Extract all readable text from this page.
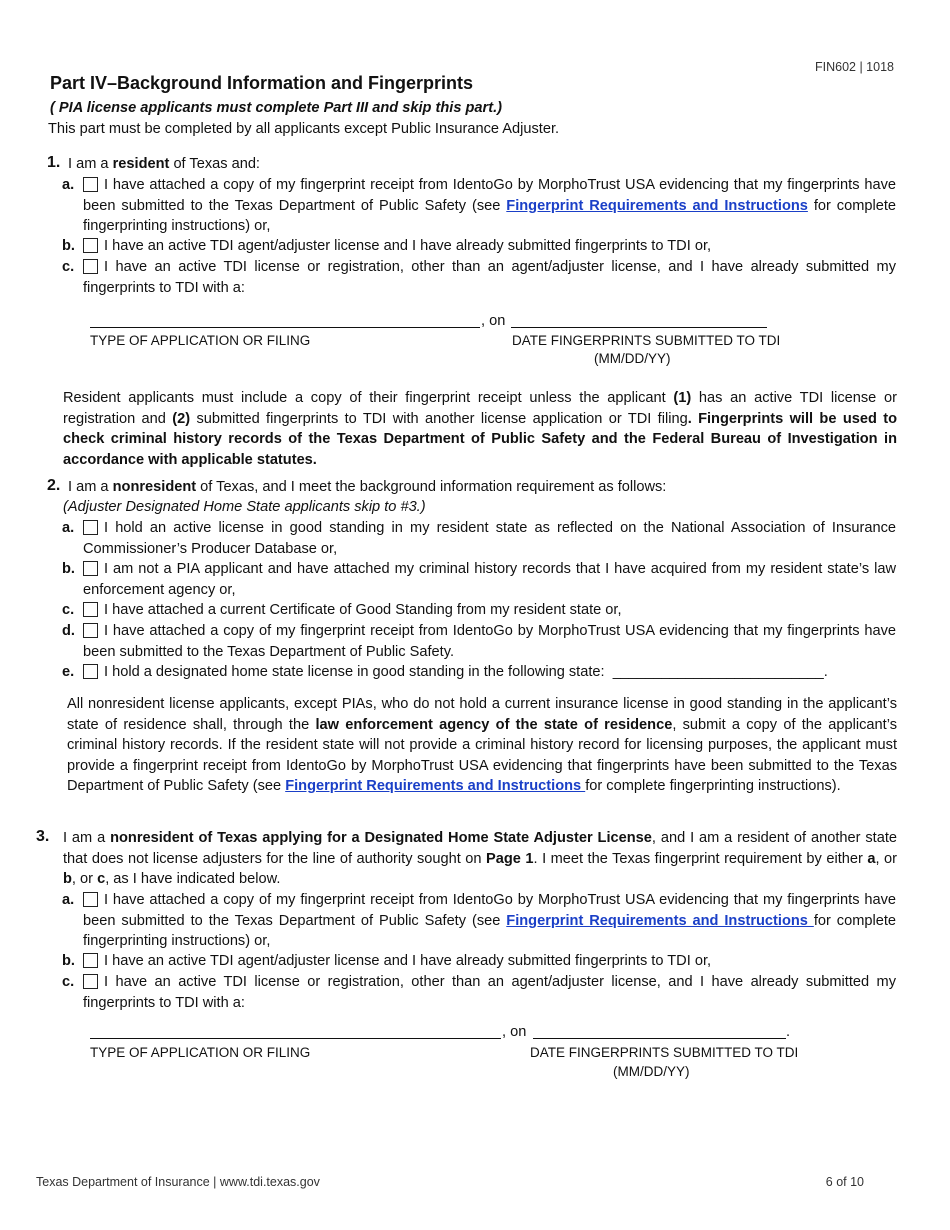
FIN602 | 1018
Part IV–Background Information and Fingerprints
( PIA license applicants must complete Part III and skip this part.)
This part must be completed by all applicants except Public Insurance Adjuster.
1. I am a resident of Texas and:
a.	I have attached a copy of my fingerprint receipt from IdentoGo by MorphoTrust USA evidencing that my fingerprints have been submitted to the Texas Department of Public Safety (see Fingerprint Requirements and Instructions for complete fingerprinting instructions) or,
b.	I have an active TDI agent/adjuster license and I have already submitted fingerprints to TDI or,
c.	I have an active TDI license or registration, other than an agent/adjuster license, and I have already submitted my fingerprints to TDI with a:
, on
TYPE OF APPLICATION OR FILING	DATE FINGERPRINTS SUBMITTED TO TDI
(MM/DD/YY)
Resident applicants must include a copy of their fingerprint receipt unless the applicant (1) has an active TDI license or registration and (2) submitted fingerprints to TDI with another license application or TDI filing. Fingerprints will be used to check criminal history records of the Texas Department of Public Safety and the Federal Bureau of Investigation in accordance with applicable statutes.
2. I am a nonresident of Texas, and I meet the background information requirement as follows:
(Adjuster Designated Home State applicants skip to #3.)
a.	I hold an active license in good standing in my resident state as reflected on the National Association of Insurance Commissioner’s Producer Database or,
b.	I am not a PIA applicant and have attached my criminal history records that I have acquired from my resident state’s law enforcement agency or,
c.	I have attached a current Certificate of Good Standing from my resident state or,
d.	I have attached a copy of my fingerprint receipt from IdentoGo by MorphoTrust USA evidencing that my fingerprints have been submitted to the Texas Department of Public Safety.
e.	I hold a designated home state license in good standing in the following state: __________________________.
All nonresident license applicants, except PIAs, who do not hold a current insurance license in good standing in the applicant’s state of residence shall, through the law enforcement agency of the state of residence, submit a copy of the applicant’s criminal history records. If the resident state will not provide a criminal history record for licensing purposes, the applicant must provide a fingerprint receipt from IdentoGo by MorphoTrust USA evidencing that fingerprints have been submitted to the Texas Department of Public Safety (see Fingerprint Requirements and Instructions for complete fingerprinting instructions).
3. I am a nonresident of Texas applying for a Designated Home State Adjuster License, and I am a resident of another state that does not license adjusters for the line of authority sought on Page 1. I meet the Texas fingerprint requirement by either a, or b, or c, as I have indicated below.
a.	I have attached a copy of my fingerprint receipt from IdentoGo by MorphoTrust USA evidencing that my fingerprints have been submitted to the Texas Department of Public Safety (see Fingerprint Requirements and Instructions for complete fingerprinting instructions) or,
b.	I have an active TDI agent/adjuster license and I have already submitted fingerprints to TDI or,
c.	I have an active TDI license or registration, other than an agent/adjuster license, and I have already submitted my fingerprints to TDI with a:
, on	.
TYPE OF APPLICATION OR FILING	DATE FINGERPRINTS SUBMITTED TO TDI
(MM/DD/YY)
Texas Department of Insurance | www.tdi.texas.gov	6 of 10
